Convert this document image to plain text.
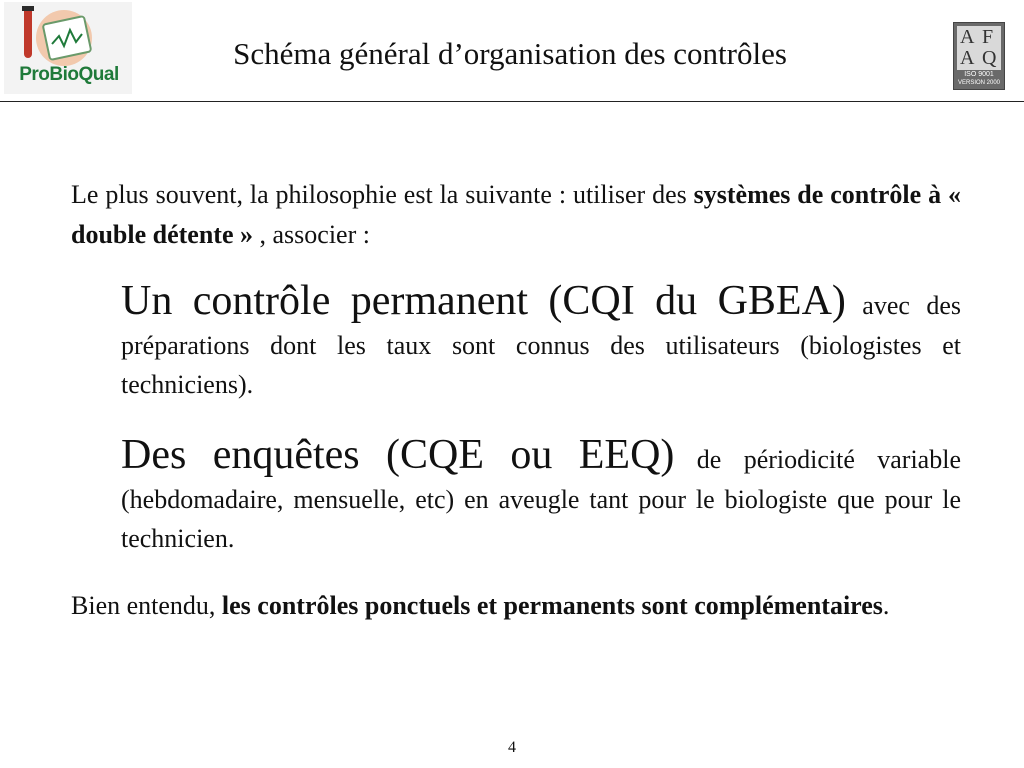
ProBioQual
Schéma général d’organisation des contrôles	A F
A Q
ISO 9001
VERSION 2000

Le plus souvent, la philosophie est la suivante : utiliser des systèmes de contrôle à « double détente » , associer :

Un contrôle permanent (CQI du GBEA) avec des préparations dont les taux sont connus des utilisateurs (biologistes et techniciens).

Des enquêtes (CQE ou EEQ) de périodicité variable (hebdomadaire, mensuelle, etc) en aveugle tant pour le biologiste que pour le technicien.

Bien entendu, les contrôles ponctuels et permanents sont complémentaires.

4
